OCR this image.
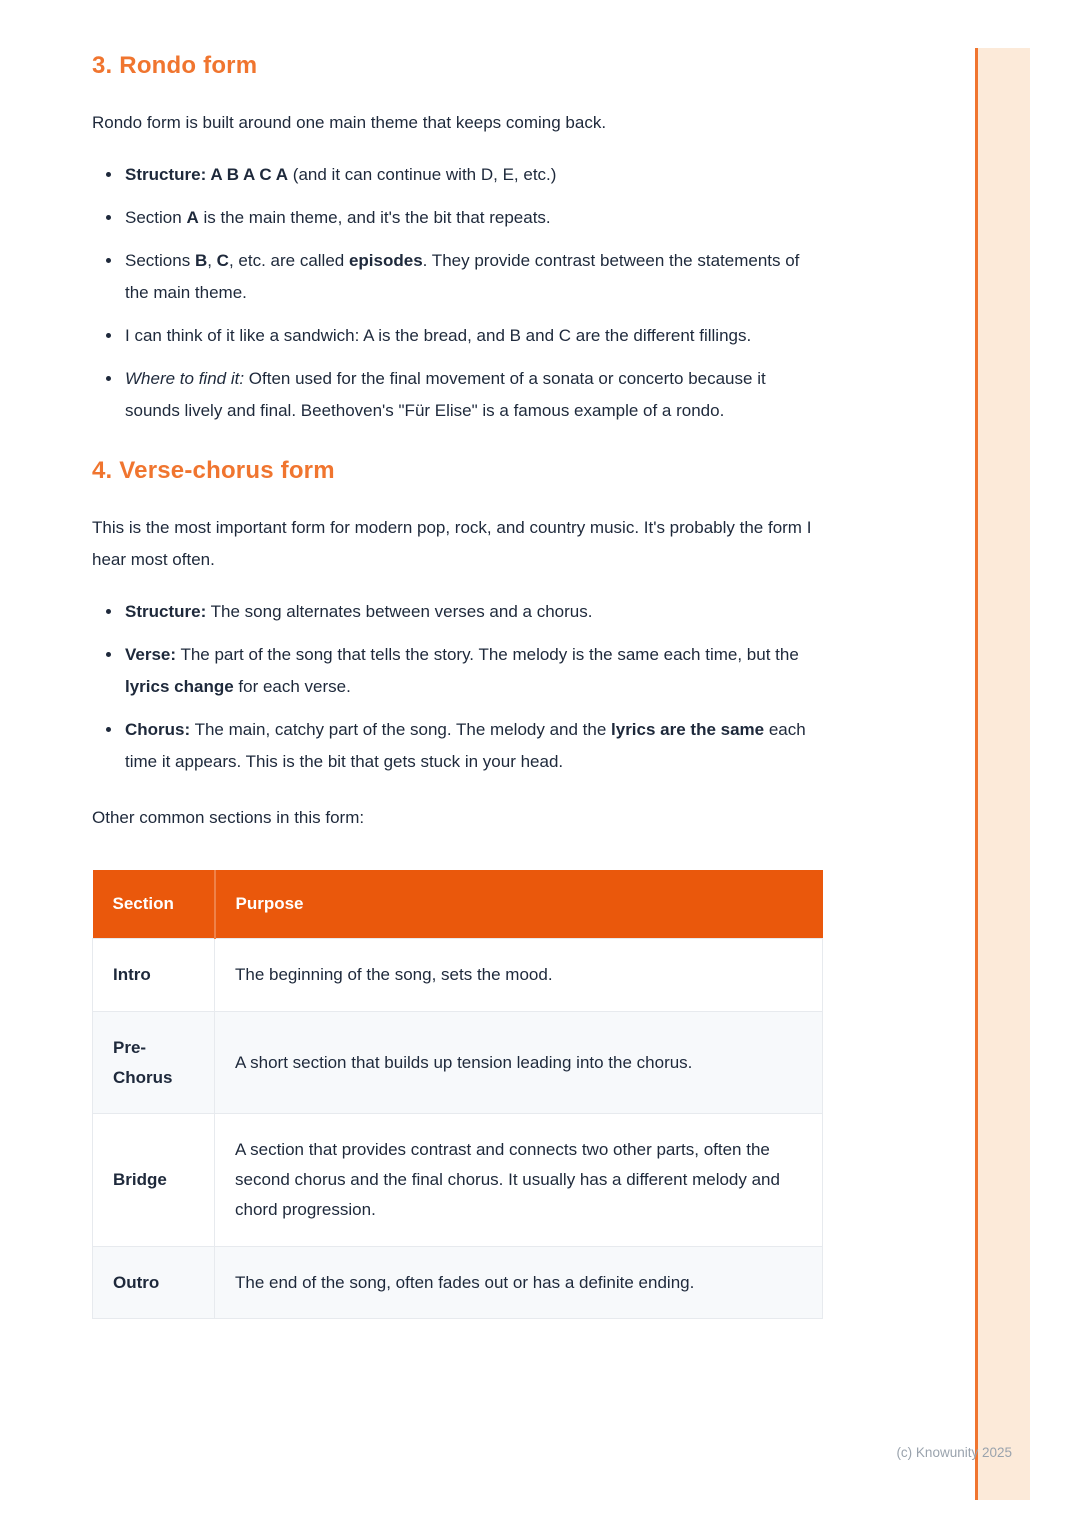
3. Rondo form

Rondo form is built around one main theme that keeps coming back.

• Structure: A B A C A (and it can continue with D, E, etc.)
• Section A is the main theme, and it's the bit that repeats.
• Sections B, C, etc. are called episodes. They provide contrast between the statements of the main theme.
• I can think of it like a sandwich: A is the bread, and B and C are the different fillings.
• Where to find it: Often used for the final movement of a sonata or concerto because it sounds lively and final. Beethoven's "Für Elise" is a famous example of a rondo.
4. Verse-chorus form

This is the most important form for modern pop, rock, and country music. It's probably the form I hear most often.

• Structure: The song alternates between verses and a chorus.
• Verse: The part of the song that tells the story. The melody is the same each time, but the lyrics change for each verse.
• Chorus: The main, catchy part of the song. The melody and the lyrics are the same each time it appears. This is the bit that gets stuck in your head.

Other common sections in this form:

Section	Purpose
Intro	The beginning of the song, sets the mood.
Pre-Chorus	A short section that builds up tension leading into the chorus.
Bridge	A section that provides contrast and connects two other parts, often the second chorus and the final chorus. It usually has a different melody and chord progression.
Outro	The end of the song, often fades out or has a definite ending.
(c) Knowunity 2025
